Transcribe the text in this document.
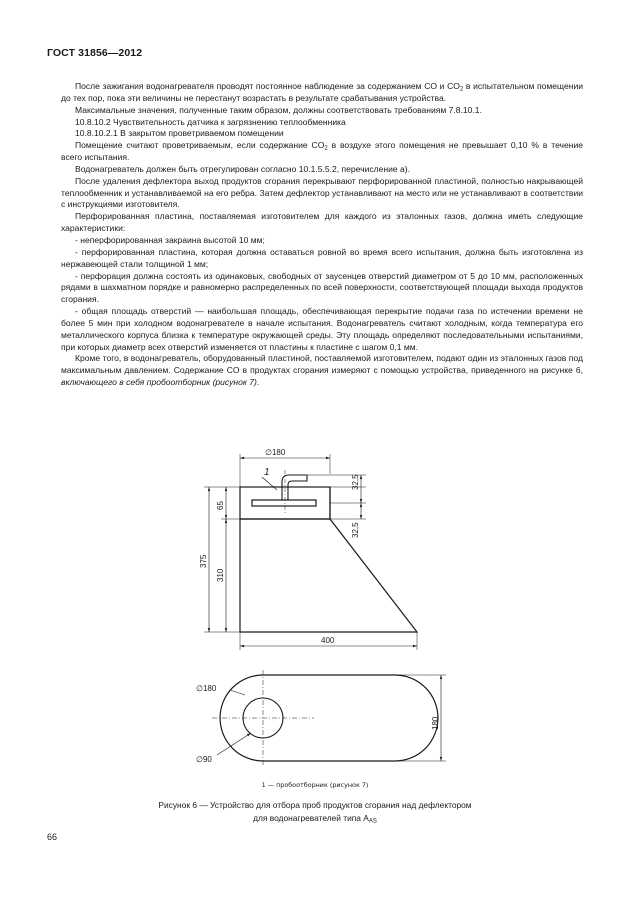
ГОСТ 31856—2012

После зажигания водонагревателя проводят постоянное наблюдение за содержанием CO и $CO_2$ в испытательном помещении до тех пор, пока эти величины не перестанут возрастать в результате срабатывания устройства.

Максимальные значения, полученные таким образом, должны соответствовать требованиям 7.8.10.1.

10.8.10.2 Чувствительность датчика к загрязнению теплообменника

10.8.10.2.1 В закрытом проветриваемом помещении

Помещение считают проветриваемым, если содержание $CO_2$ в воздухе этого помещения не превышает 0,10 % в течение всего испытания.

Водонагреватель должен быть отрегулирован согласно 10.1.5.5.2, перечисление а).

После удаления дефлектора выход продуктов сгорания перекрывают перфорированной пластиной, полностью накрывающей теплообменник и устанавливаемой на его ребра. Затем дефлектор устанавливают на место или не устанавливают в соответствии с инструкциями изготовителя.

Перфорированная пластина, поставляемая изготовителем для каждого из эталонных газов, должна иметь следующие характеристики:

- неперфорированная закраина высотой 10 мм;

- перфорированная пластина, которая должна оставаться ровной во время всего испытания, должна быть изготовлена из нержавеющей стали толщиной 1 мм;

- перфорация должна состоять из одинаковых, свободных от заусенцев отверстий диаметром от 5 до 10 мм, расположенных рядами в шахматном порядке и равномерно распределенных по всей поверхности, соответствующей площади выхода продуктов сгорания.

- общая площадь отверстий — наибольшая площадь, обеспечивающая перекрытие подачи газа по истечении времени не более 5 мин при холодном водонагревателе в начале испытания. Водонагреватель считают холодным, когда температура его металлического корпуса близка к температуре окружающей среды. Эту площадь определяют последовательными испытаниями, при которых диаметр всех отверстий изменяется от пластины к пластине с шагом 0,1 мм.

Кроме того, в водонагреватель, оборудованный пластиной, поставляемой изготовителем, подают один из эталонных газов под максимальным давлением. Содержание CO в продуктах сгорания измеряют с помощью устройства, приведенного на рисунке 6, включающего в себя пробоотборник (рисунок 7).

1
∅180
32,5
32,5
65
375
310
400
∅180
∅90
180
1 — пробоотборник (рисунок 7)
Рисунок 6 — Устройство для отбора проб продуктов сгорания над дефлектором
для водонагревателей типа $A_{AS}$
66
